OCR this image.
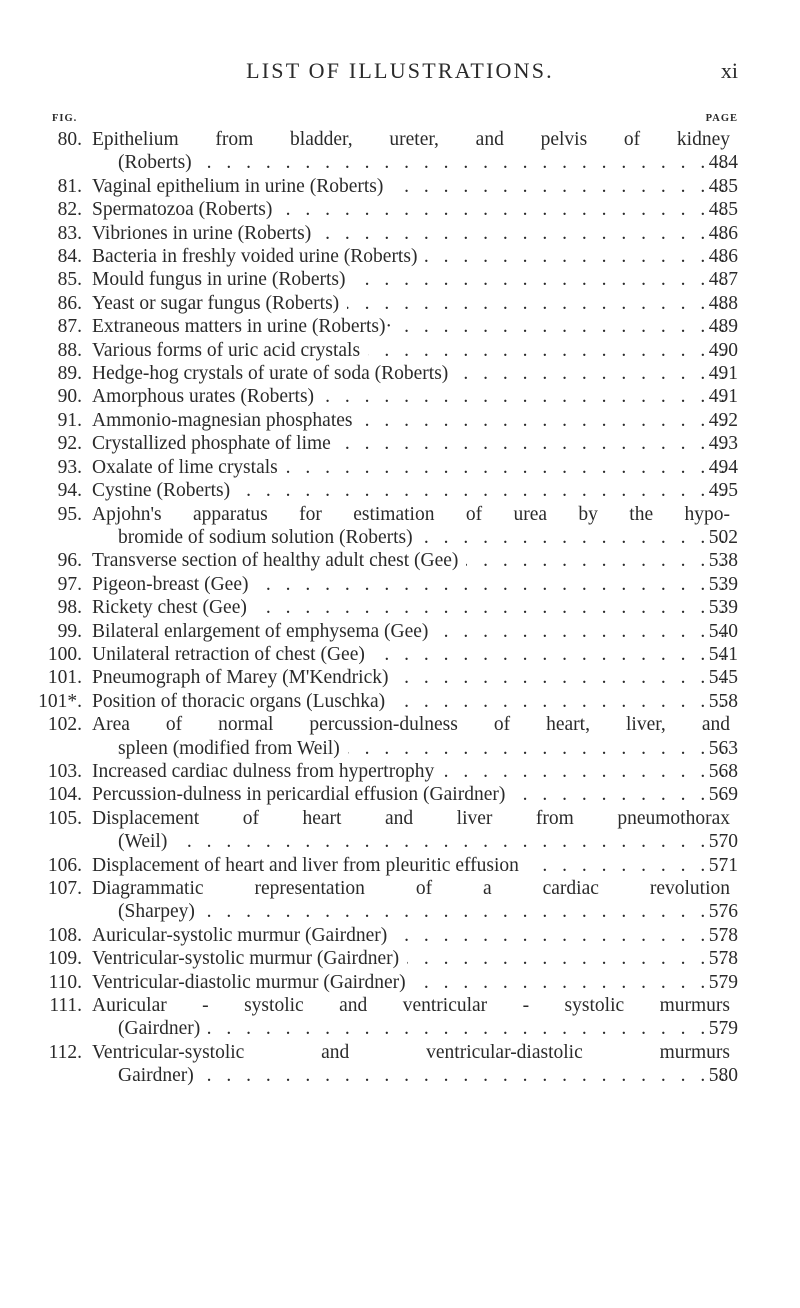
LIST OF ILLUSTRATIONS.	xi
FIG.	PAGE
80. Epithelium from bladder, ureter, and pelvis of kidney
(Roberts) . . .	484
81. Vaginal epithelium in urine (Roberts) . . .	485
82. Spermatozoa (Roberts) . . .	485
83. Vibriones in urine (Roberts) . . .	486
84. Bacteria in freshly voided urine (Roberts) . . .	486
85. Mould fungus in urine (Roberts) . . .	487
86. Yeast or sugar fungus (Roberts) . . .	488
87. Extraneous matters in urine (Roberts)· . . .	489
88. Various forms of uric acid crystals . . .	490
89. Hedge-hog crystals of urate of soda (Roberts) . . .	491
90. Amorphous urates (Roberts) . . .	491
91. Ammonio-magnesian phosphates . . .	492
92. Crystallized phosphate of lime . . .	493
93. Oxalate of lime crystals . . .	494
94. Cystine (Roberts) . . .	495
95. Apjohn's apparatus for estimation of urea by the hypo-
bromide of sodium solution (Roberts) . . .	502
96. Transverse section of healthy adult chest (Gee) . . .	538
97. Pigeon-breast (Gee) . . .	539
98. Rickety chest (Gee) . . .	539
99. Bilateral enlargement of emphysema (Gee) . . .	540
100. Unilateral retraction of chest (Gee) . . .	541
101. Pneumograph of Marey (M'Kendrick) . . .	545
101*. Position of thoracic organs (Luschka) . . .	558
102. Area of normal percussion-dulness of heart, liver, and
spleen (modified from Weil) . . .	563
103. Increased cardiac dulness from hypertrophy . . .	568
104. Percussion-dulness in pericardial effusion (Gairdner) . . .	569
105. Displacement of heart and liver from pneumothorax
(Weil) . . .	570
106. Displacement of heart and liver from pleuritic effusion . . .	571
107. Diagrammatic representation of a cardiac revolution
(Sharpey) . . .	576
108. Auricular-systolic murmur (Gairdner) . . .	578
109. Ventricular-systolic murmur (Gairdner) . . .	578
110. Ventricular-diastolic murmur (Gairdner) . . .	579
111. Auricular - systolic and ventricular - systolic murmurs
(Gairdner) . . .	579
112. Ventricular-systolic and ventricular-diastolic murmurs
Gairdner) . . .	580
